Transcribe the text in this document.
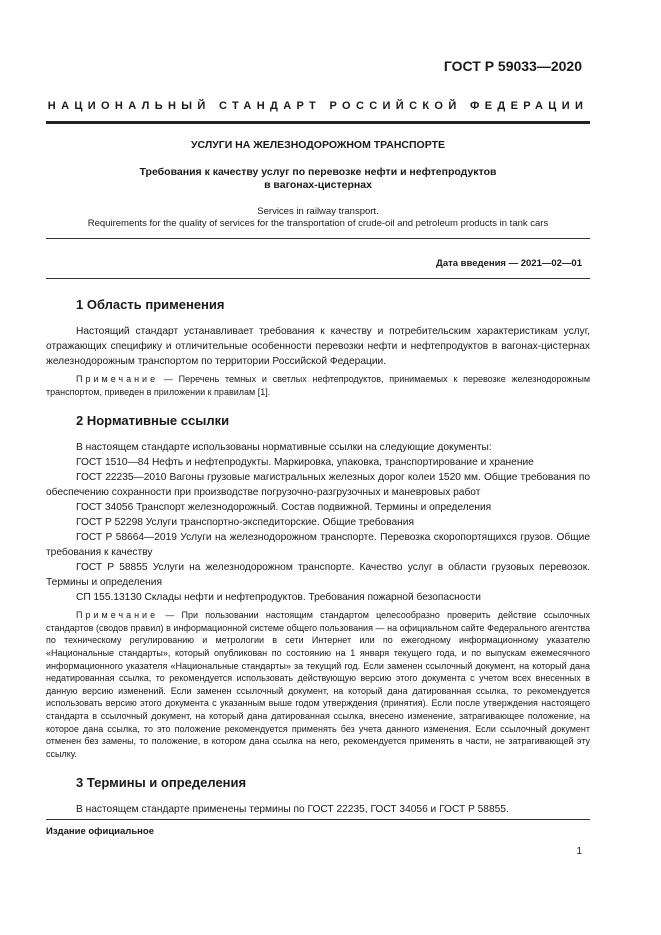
ГОСТ Р 59033—2020
НАЦИОНАЛЬНЫЙ СТАНДАРТ РОССИЙСКОЙ ФЕДЕРАЦИИ
УСЛУГИ НА ЖЕЛЕЗНОДОРОЖНОМ ТРАНСПОРТЕ
Требования к качеству услуг по перевозке нефти и нефтепродуктов
в вагонах-цистернах
Services in railway transport.
Requirements for the quality of services for the transportation of crude-oil and petroleum products in tank cars
Дата введения — 2021—02—01
1 Область применения

Настоящий стандарт устанавливает требования к качеству и потребительским характеристикам услуг, отражающих специфику и отличительные особенности перевозки нефти и нефтепродуктов в вагонах-цистернах железнодорожным транспортом по территории Российской Федерации.

Примечание — Перечень темных и светлых нефтепродуктов, принимаемых к перевозке железнодорожным транспортом, приведен в приложении к правилам [1].
2 Нормативные ссылки

В настоящем стандарте использованы нормативные ссылки на следующие документы:

ГОСТ 1510—84 Нефть и нефтепродукты. Маркировка, упаковка, транспортирование и хранение

ГОСТ 22235—2010 Вагоны грузовые магистральных железных дорог колеи 1520 мм. Общие требования по обеспечению сохранности при производстве погрузочно-разгрузочных и маневровых работ

ГОСТ 34056 Транспорт железнодорожный. Состав подвижной. Термины и определения

ГОСТ Р 52298 Услуги транспортно-экспедиторские. Общие требования

ГОСТ Р 58664—2019 Услуги на железнодорожном транспорте. Перевозка скоропортящихся грузов. Общие требования к качеству

ГОСТ Р 58855 Услуги на железнодорожном транспорте. Качество услуг в области грузовых перевозок. Термины и определения

СП 155.13130 Склады нефти и нефтепродуктов. Требования пожарной безопасности

Примечание — При пользовании настоящим стандартом целесообразно проверить действие ссылочных стандартов (сводов правил) в информационной системе общего пользования — на официальном сайте Федерального агентства по техническому регулированию и метрологии в сети Интернет или по ежегодному информационному указателю «Национальные стандарты», который опубликован по состоянию на 1 января текущего года, и по выпускам ежемесячного информационного указателя «Национальные стандарты» за текущий год. Если заменен ссылочный документ, на который дана недатированная ссылка, то рекомендуется использовать действующую версию этого документа с учетом всех внесенных в данную версию изменений. Если заменен ссылочный документ, на который дана датированная ссылка, то рекомендуется использовать версию этого документа с указанным выше годом утверждения (принятия). Если после утверждения настоящего стандарта в ссылочный документ, на который дана датированная ссылка, внесено изменение, затрагивающее положение, на которое дана ссылка, то это положение рекомендуется применять без учета данного изменения. Если ссылочный документ отменен без замены, то положение, в котором дана ссылка на него, рекомендуется применять в части, не затрагивающей эту ссылку.
3 Термины и определения

В настоящем стандарте применены термины по ГОСТ 22235, ГОСТ 34056 и ГОСТ Р 58855.

Издание официальное
1
